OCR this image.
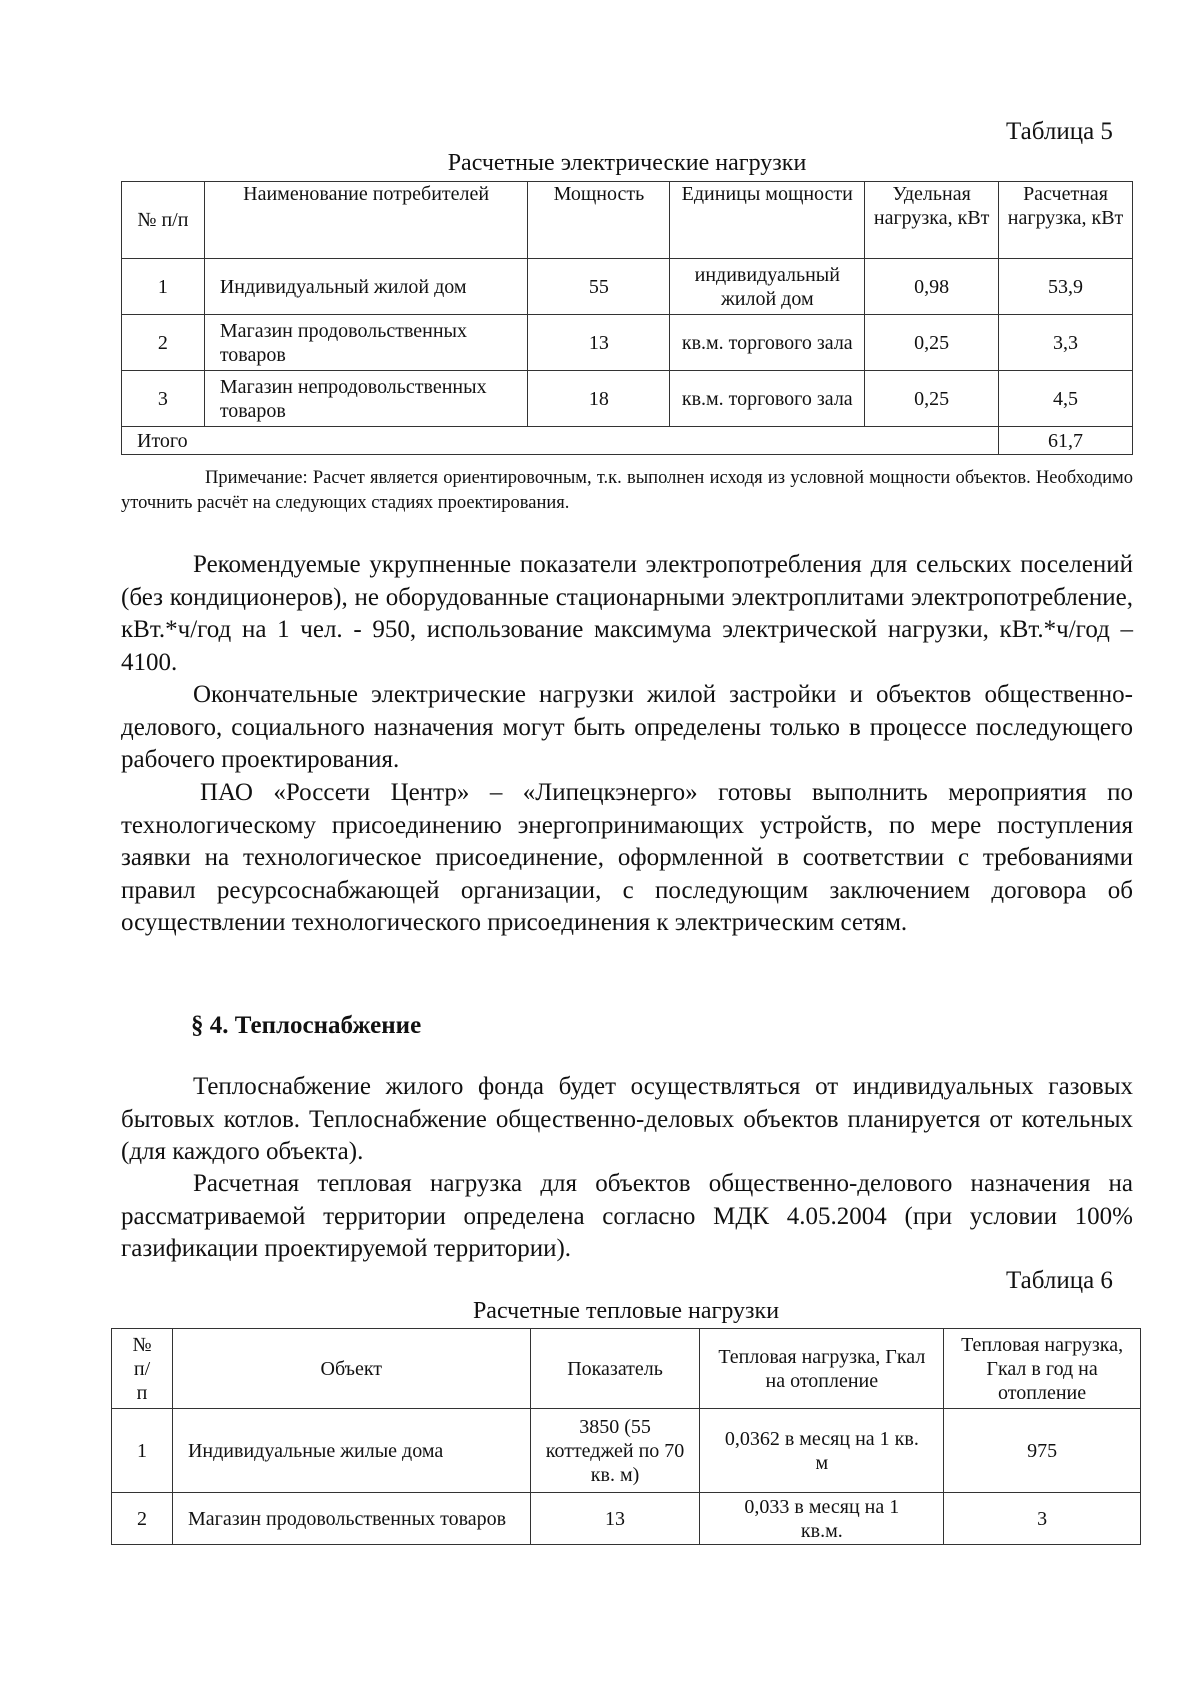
Таблица 5
Расчетные электрические нагрузки
№ п/п	Наименование потребителей	Мощность	Единицы мощности	Удельная нагрузка, кВт	Расчетная нагрузка, кВт
1	Индивидуальный жилой дом	55	индивидуальный жилой дом	0,98	53,9
2	Магазин продовольственных товаров	13	кв.м. торгового зала	0,25	3,3
3	Магазин непродовольственных товаров	18	кв.м. торгового зала	0,25	4,5
Итого					61,7
Примечание: Расчет является ориентировочным, т.к. выполнен исходя из условной мощности объектов. Необходимо уточнить расчёт на следующих стадиях проектирования.

Рекомендуемые укрупненные показатели электропотребления для сельских поселений (без кондиционеров), не оборудованные стационарными электроплитами электропотребление, кВт.*ч/год на 1 чел. - 950, использование максимума электрической нагрузки, кВт.*ч/год – 4100.

Окончательные электрические нагрузки жилой застройки и объектов общественно-делового, социального назначения могут быть определены только в процессе последующего рабочего проектирования.

ПАО «Россети Центр» – «Липецкэнерго» готовы выполнить мероприятия по технологическому присоединению энергопринимающих устройств, по мере поступления заявки на технологическое присоединение, оформленной в соответствии с требованиями правил ресурсоснабжающей организации, с последующим заключением договора об осуществлении технологического присоединения к электрическим сетям.

§ 4. Теплоснабжение

Теплоснабжение жилого фонда будет осуществляться от индивидуальных газовых бытовых котлов. Теплоснабжение общественно-деловых объектов планируется от котельных (для каждого объекта).

Расчетная тепловая нагрузка для объектов общественно-делового назначения на рассматриваемой территории определена согласно МДК 4.05.2004 (при условии 100% газификации проектируемой территории).

Таблица 6
Расчетные тепловые нагрузки
№ п/ п	Объект	Показатель	Тепловая нагрузка, Гкал на отопление	Тепловая нагрузка, Гкал в год на отопление
1	Индивидуальные жилые дома	3850 (55 коттеджей по 70 кв. м)	0,0362 в месяц на 1 кв. м	975
2	Магазин продовольственных товаров	13	0,033 в месяц на 1 кв.м.	3
